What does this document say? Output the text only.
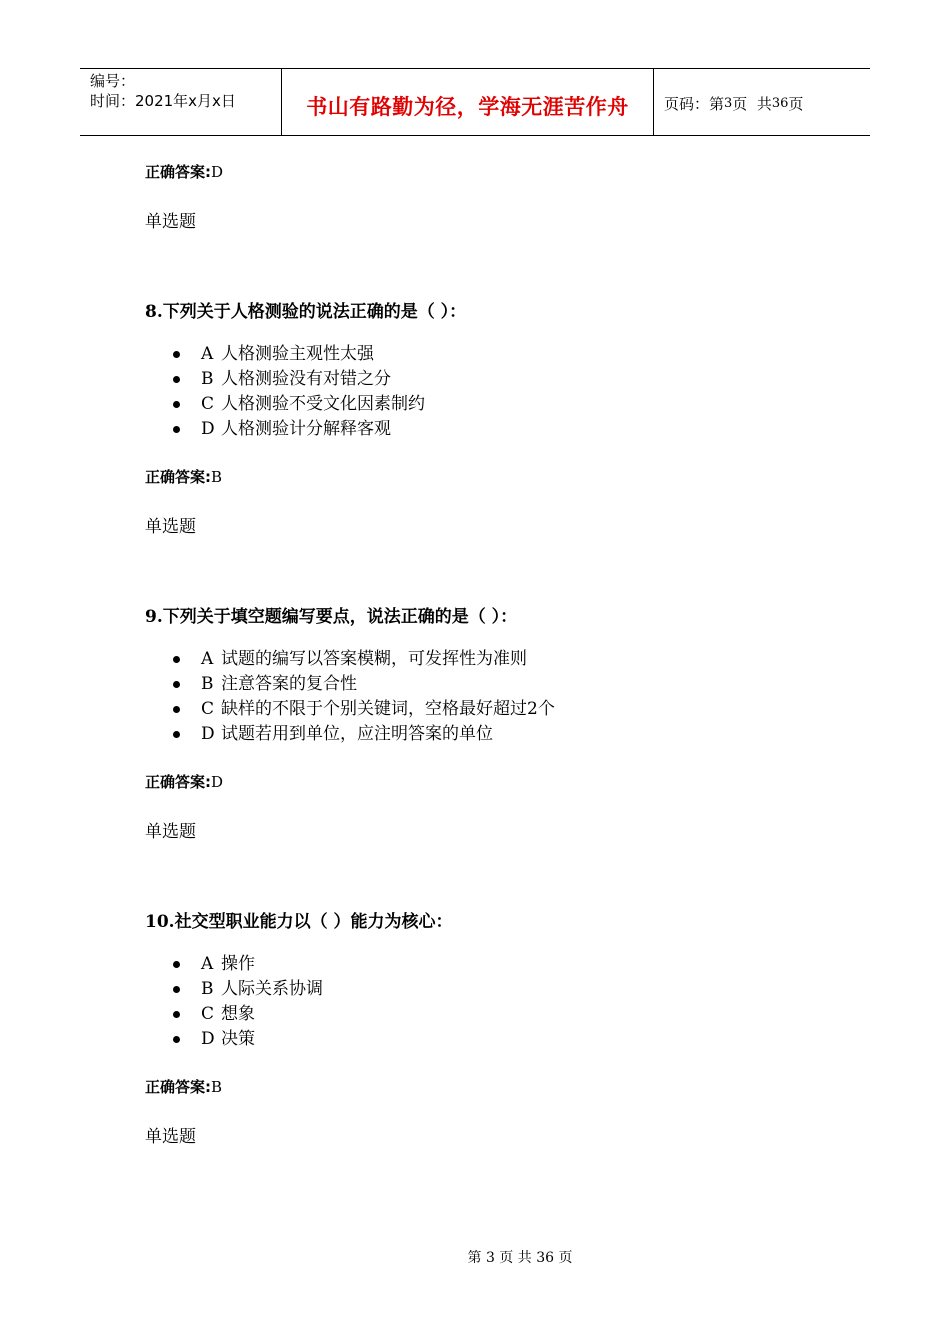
编号：
时间：2021年x月x日	书山有路勤为径，学海无涯苦作舟 页码：第 3 页  共 36 页
正确答案:D
单选题
8.下列关于人格测验的说法正确的是（ ）：
A 人格测验主观性太强
B 人格测验没有对错之分
C 人格测验不受文化因素制约
D 人格测验计分解释客观
正确答案:B
单选题
9.下列关于填空题编写要点，说法正确的是（ ）：
A 试题的编写以答案模糊，可发挥性为准则
B 注意答案的复合性
C 缺样的不限于个别关键词，空格最好超过2个
D 试题若用到单位，应注明答案的单位
正确答案:D
单选题
10.社交型职业能力以（ ）能力为核心：
A 操作
B 人际关系协调
C 想象
D 决策
正确答案:B
单选题
第 3 页 共 36 页
